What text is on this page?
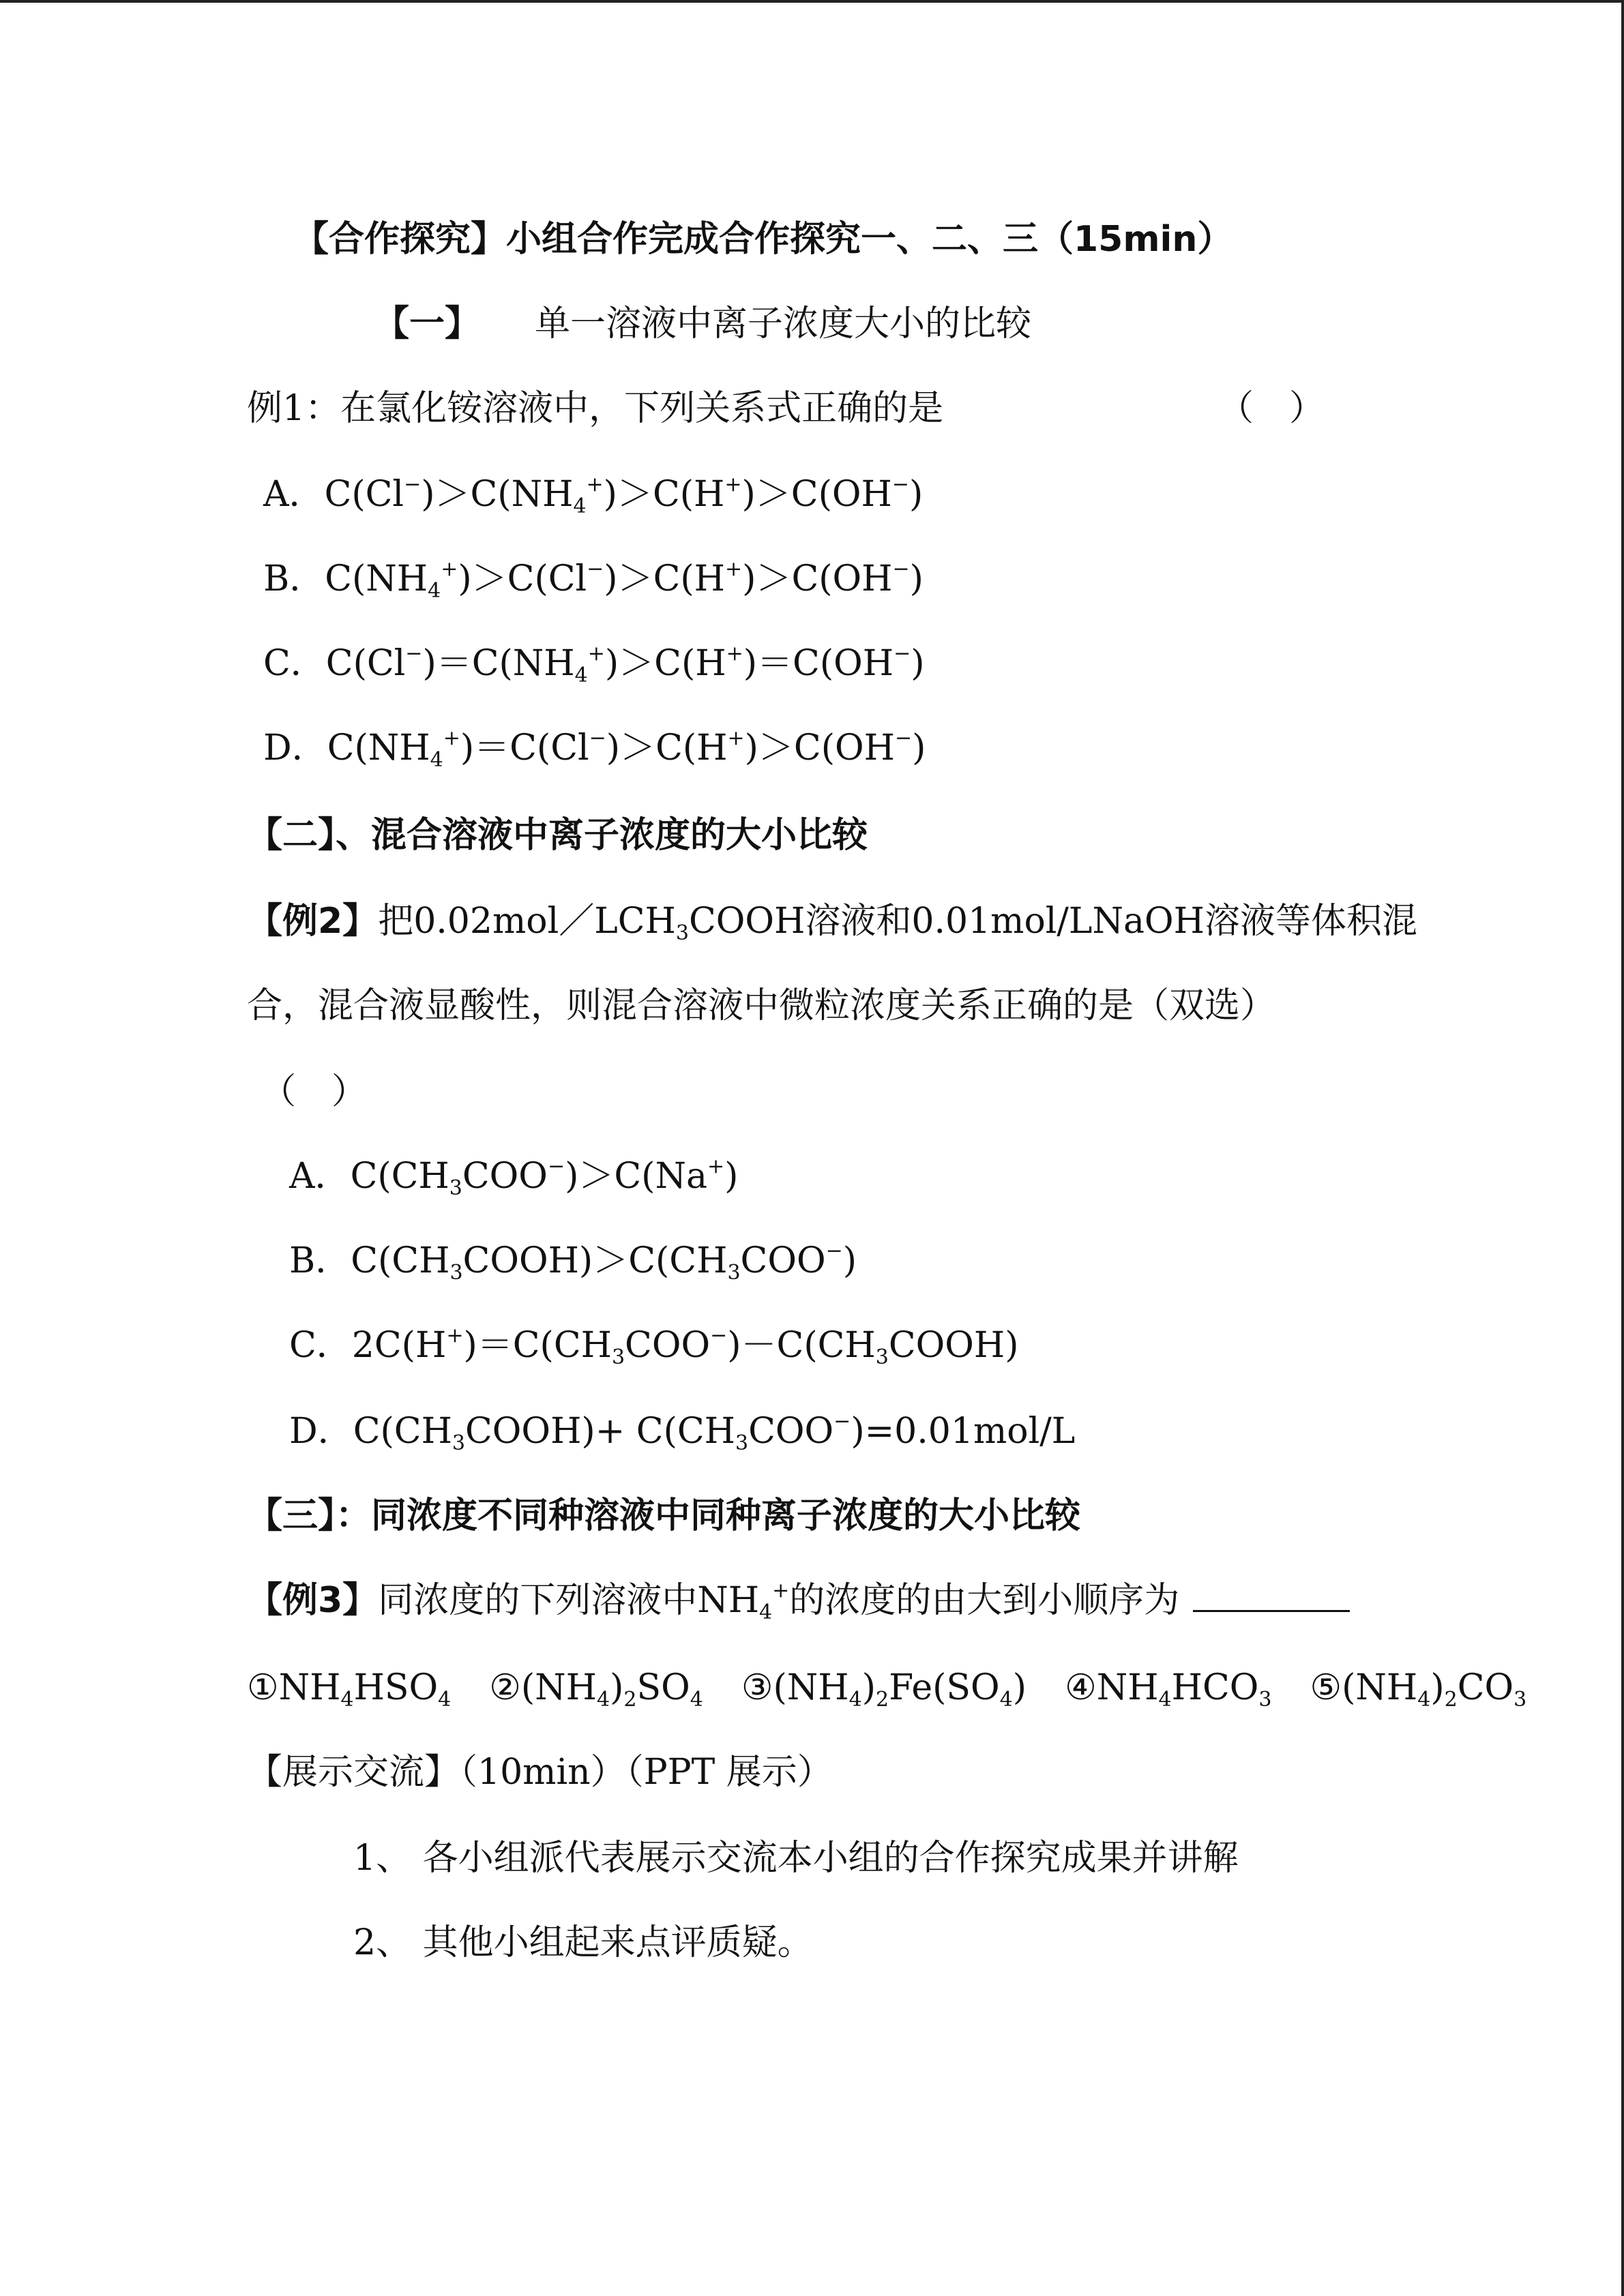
【合作探究】小组合作完成合作探究一、二、三（15min）
【一】 单一溶液中离子浓度大小的比较
例1：在氯化铵溶液中，下列关系式正确的是	（　）
A．$C(Cl^-)>C(NH_4^+)>C(H^+)>C(OH^-)$
B．$C(NH_4^+)>C(Cl^-)>C(H^+)>C(OH^-)$
C．$C(Cl^-)=C(NH_4^+)>C(H^+)=C(OH^-)$
D．$C(NH_4^+)=C(Cl^-)>C(H^+)>C(OH^-)$
【二】、混合溶液中离子浓度的大小比较
【例2】把$0.02mol/LCH_3COOH$溶液和0.01mol/LNaOH溶液等体积混
合，混合液显酸性，则混合溶液中微粒浓度关系正确的是（双选）
（　）
A．$C(CH_3COO^-)>C(Na^+)$
B．$C(CH_3COOH)>C(CH_3COO^-)$
C．$2C(H^+)=C(CH_3COO^-)-C(CH_3COOH)$
D．$C(CH_3COOH)+ C(CH_3COO^-)=0.01mol/L$
【三】：同浓度不同种溶液中同种离子浓度的大小比较
【例3】同浓度的下列溶液中$NH_4^+$的浓度的由大到小顺序为
$①NH_4HSO_4$ $②(NH_4)_2SO_4$ $③(NH_4)_2Fe(SO_4)$ $④NH_4HCO_3$ $⑤(NH_4)_2CO_3$
【展示交流】（10min）（PPT 展示）
1、 各小组派代表展示交流本小组的合作探究成果并讲解
2、 其他小组起来点评质疑。
